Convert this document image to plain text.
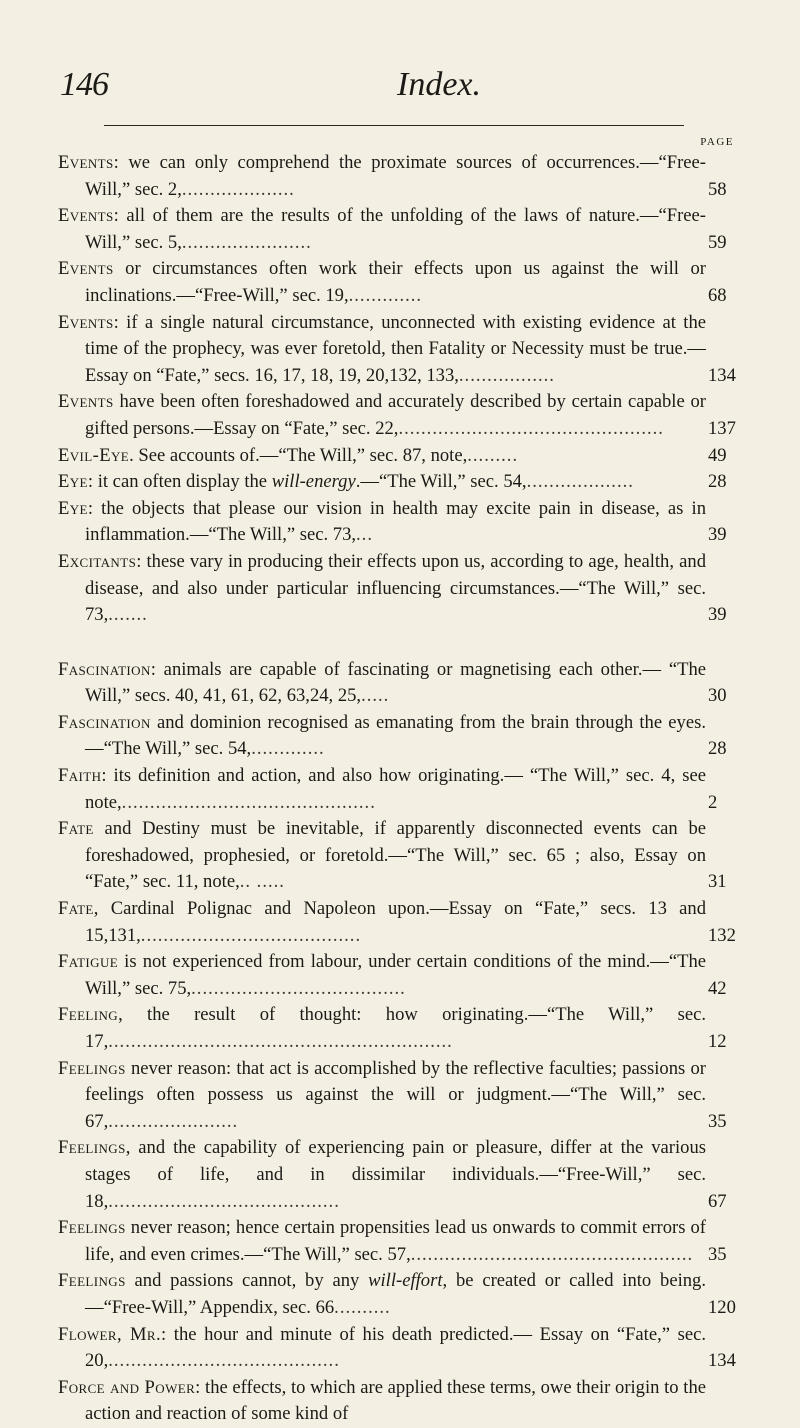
146	Index.
PAGE
Events: we can only comprehend the proximate sources of occurrences.—“Free-Will,” sec. 2,....................	58
Events: all of them are the results of the unfolding of the laws of nature.—“Free-Will,” sec. 5,.......................	59
Events or circumstances often work their effects upon us against the will or inclinations.—“Free-Will,” sec. 19,.............	68
Events: if a single natural circumstance, unconnected with existing evidence at the time of the prophecy, was ever foretold, then Fatality or Necessity must be true.—Essay on “Fate,” secs. 16, 17, 18, 19, 20,132, 133,.................	134
Events have been often foreshadowed and accurately described by certain capable or gifted persons.—Essay on “Fate,” sec. 22,............................................... 137
Evil-Eye. See accounts of.—“The Will,” sec. 87, note,.........	49
Eye: it can often display the will-energy.—“The Will,” sec. 54,...................	28
Eye: the objects that please our vision in health may excite pain in disease, as in inflammation.—“The Will,” sec. 73,...	39
Excitants: these vary in producing their effects upon us, according to age, health, and disease, and also under particular influencing circumstances.—“The Will,” sec. 73,.......	39
Fascination: animals are capable of fascinating or magnetising each other.— “The Will,” secs. 40, 41, 61, 62, 63,24, 25,.....	30
Fascination and dominion recognised as emanating from the brain through the eyes.—“The Will,” sec. 54,.............	28
Faith: its definition and action, and also how originating.— “The Will,” sec. 4, see note,.............................................	2
Fate and Destiny must be inevitable, if apparently disconnected events can be foreshadowed, prophesied, or foretold.—“The Will,” sec. 65 ; also, Essay on “Fate,” sec. 11, note,.. .....	31
Fate, Cardinal Polignac and Napoleon upon.—Essay on “Fate,” secs. 13 and 15,131,.......................................	132
Fatigue is not experienced from labour, under certain conditions of the mind.—“The Will,” sec. 75,......................................	42
Feeling, the result of thought: how originating.—“The Will,” sec. 17,.............................................................	12
Feelings never reason: that act is accomplished by the reflective faculties; passions or feelings often possess us against the will or judgment.—“The Will,” sec. 67,.......................	35
Feelings, and the capability of experiencing pain or pleasure, differ at the various stages of life, and in dissimilar individuals.—“Free-Will,” sec. 18,.........................................	67
Feelings never reason; hence certain propensities lead us onwards to commit errors of life, and even crimes.—“The Will,” sec. 57,.................................................. 35
Feelings and passions cannot, by any will-effort, be created or called into being.—“Free-Will,” Appendix, sec. 66..........	120
Flower, Mr.: the hour and minute of his death predicted.— Essay on “Fate,” sec. 20,.........................................	134
Force and Power: the effects, to which are applied these terms, owe their origin to the action and reaction of some kind of
